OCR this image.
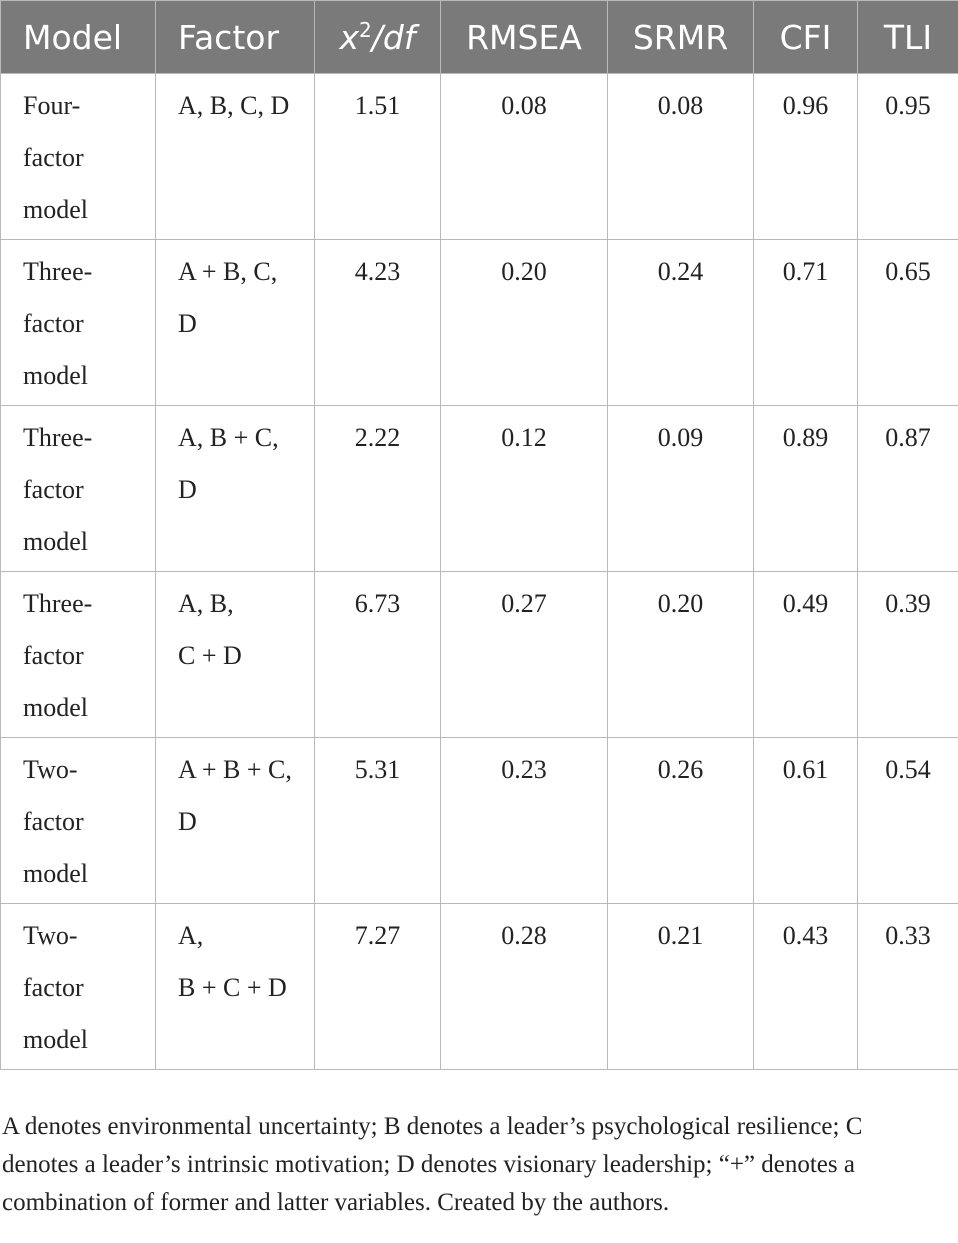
Model	Factor	$x^2/df$	RMSEA	SRMR	CFI	TLI

Four-
factor
model	A, B, C, D	1.51	0.08	0.08	0.96	0.95

Three-
factor
model	A + B, C,
D	4.23	0.20	0.24	0.71	0.65

Three-
factor
model	A, B + C,
D	2.22	0.12	0.09	0.89	0.87

Three-
factor
model	A, B,
C + D	6.73	0.27	0.20	0.49	0.39

Two-
factor
model	A + B + C,
D	5.31	0.23	0.26	0.61	0.54

Two-
factor
model	A,
B + C + D	7.27	0.28	0.21	0.43	0.33

A denotes environmental uncertainty; B denotes a leader’s psychological resilience; C denotes a leader’s intrinsic motivation; D denotes visionary leadership; “+” denotes a combination of former and latter variables. Created by the authors.
